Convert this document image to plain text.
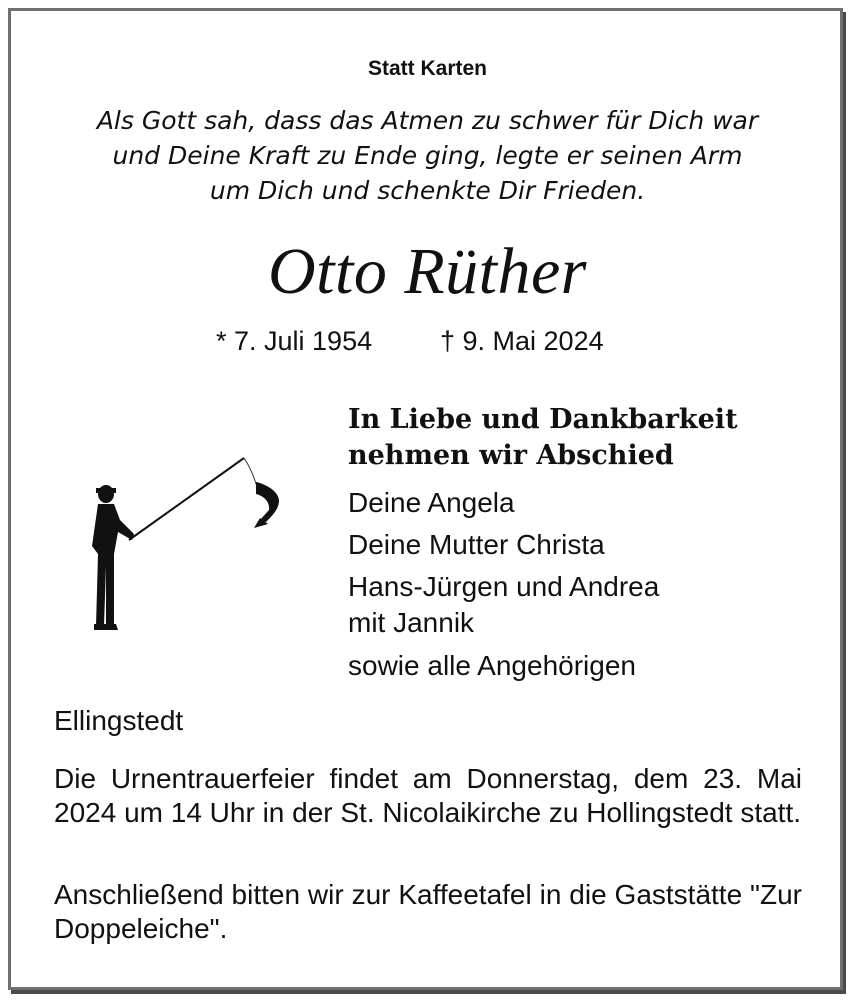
Statt Karten
Als Gott sah, dass das Atmen zu schwer für Dich war
und Deine Kraft zu Ende ging, legte er seinen Arm
um Dich und schenkte Dir Frieden.
Otto Rüther
* 7. Juli 1954	† 9. Mai 2024
In Liebe und Dankbarkeit
nehmen wir Abschied
Deine Angela
Deine Mutter Christa
Hans-Jürgen und Andrea
mit Jannik
sowie alle Angehörigen
Ellingstedt
Die Urnentrauerfeier findet am Donnerstag, dem 23. Mai 2024 um 14 Uhr in der St. Nicolaikirche zu Hollingstedt statt.
Anschließend bitten wir zur Kaffeetafel in die Gaststätte "Zur Doppeleiche".
